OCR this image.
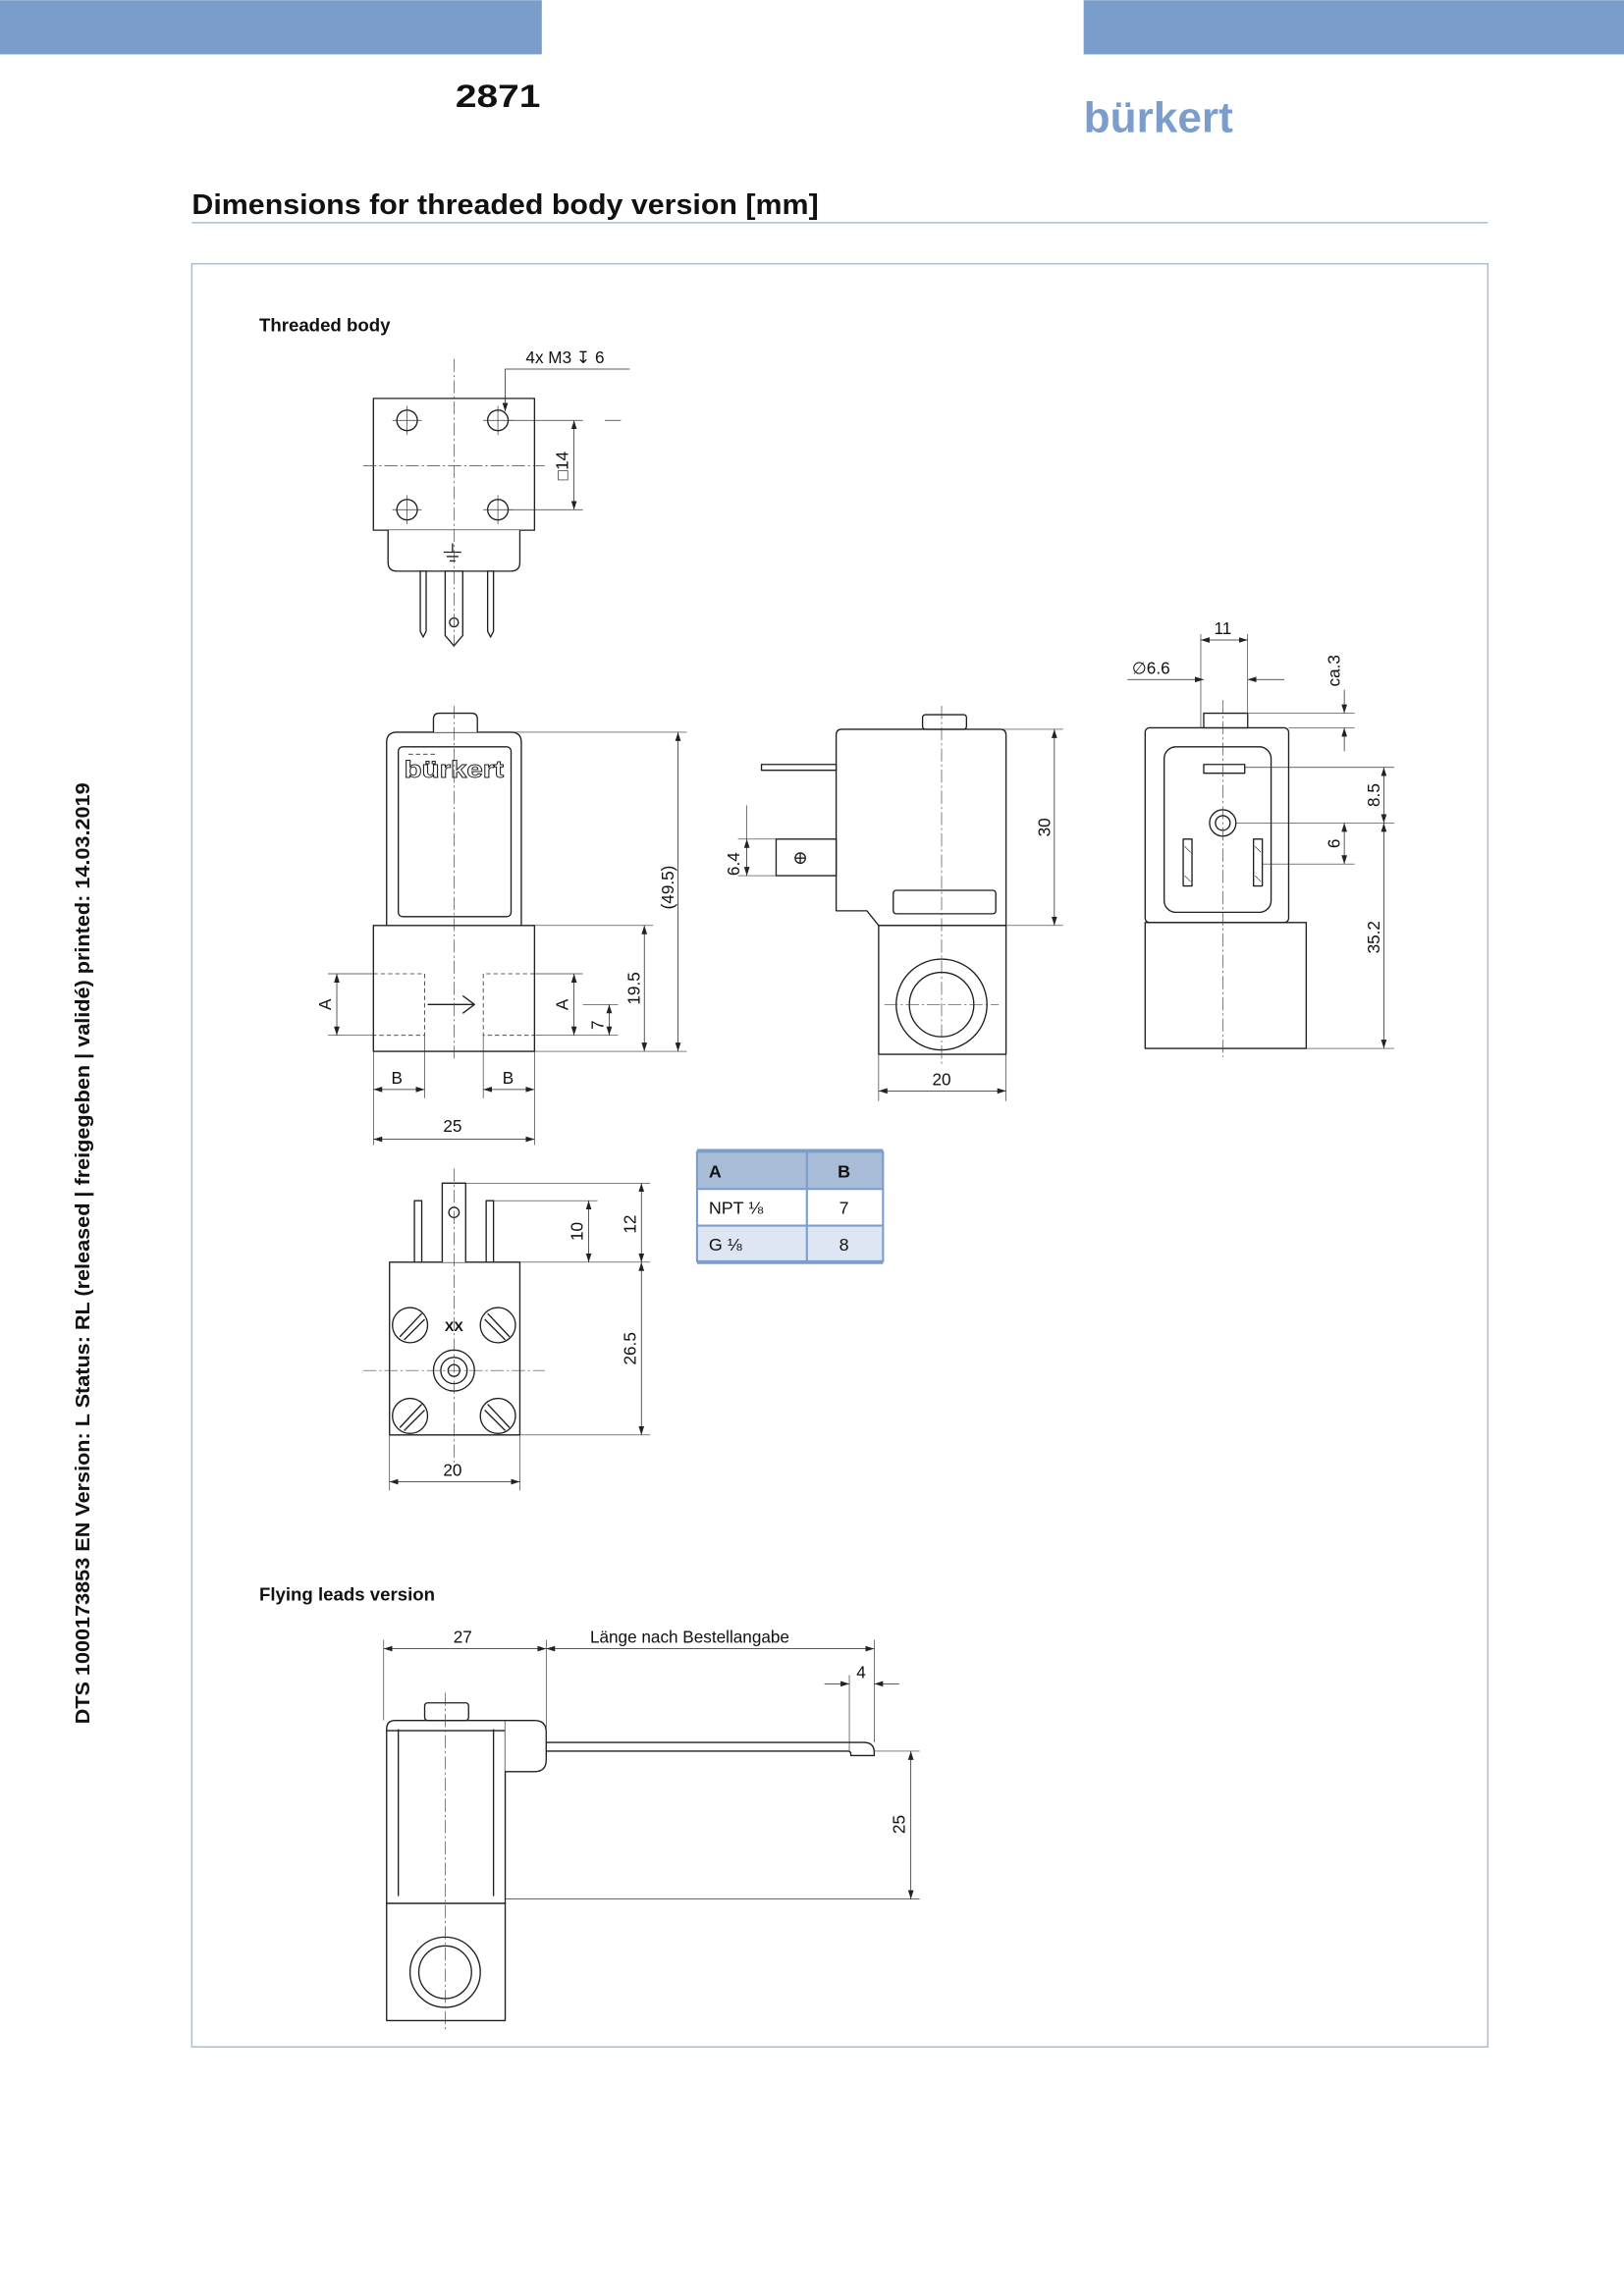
2871	bürkert
Dimensions for threaded body version [mm]
DTS 1000173853 EN Version: L Status: RL (released | freigegeben | validé) printed: 14.03.2019
Threaded body
4x M3 ↧ 6
□14
bürkert
A	A
7
19.5
(49.5)
B	B
25
30
6.4
20
11
∅6.6	ca.3
8.5
6
35.2
A	B
NPT ⅛	7
G ⅛	8
XX
10	12
26.5
20
Flying leads version
27	Länge nach Bestellangabe
4
25
